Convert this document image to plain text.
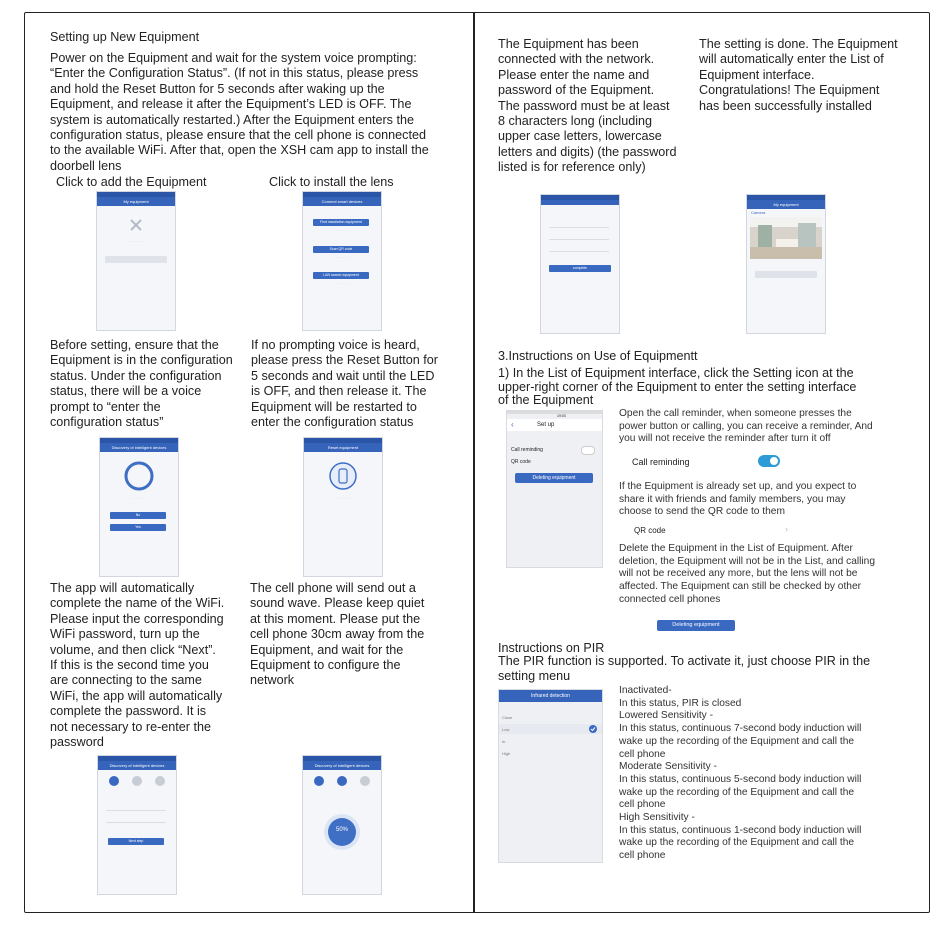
Setting up New Equipment

Power on the Equipment and wait for the system voice prompting:
“Enter the Configuration Status”. (If not in this status, please press
and hold the Reset Button for 5 seconds after waking up the
Equipment, and release it after the Equipment’s LED is OFF. The
system is automatically restarted.) After the Equipment enters the
configuration status, please ensure that the cell phone is connected
to the available WiFi. After that, open the XSH cam app to install the
doorbell lens

Click to add the Equipment	Click to install the lens
My equipment
· · · · · · · · · · · ·
Connect smart devices
Find installation equipment
· · · · · · · ·
Scan QR code
· · · · · · · ·
LAN search equipment
· · · · · · · ·

Before setting, ensure that the
Equipment is in the configuration
status. Under the configuration
status, there will be a voice
prompt to “enter the
configuration status”

If no prompting voice is heard,
please press the Reset Button for
5 seconds and wait until the LED
is OFF, and then release it. The
Equipment will be restarted to
enter the configuration status

Discovery of intelligent devices
· · · · · · · · · ·
No
Yes
Reset equipment
· · · · · · · · · · · ·

The app will automatically
complete the name of the WiFi.
Please input the corresponding
WiFi password, turn up the
volume, and then click “Next”.
If this is the second time you
are connecting to the same
WiFi, the app will automatically
complete the password. It is
not necessary to re-enter the
password

The cell phone will send out a
sound wave. Please keep quiet
at this moment. Please put the
cell phone 30cm away from the
Equipment, and wait for the
Equipment to configure the
network

Discovery of intelligent devices
Next step
Discovery of intelligent devices
50%

The Equipment has been
connected with the network.
Please enter the name and
password of the Equipment.
The password must be at least
8 characters long (including
upper case letters, lowercase
letters and digits) (the password
listed is for reference only)

The setting is done. The Equipment
will automatically enter the List of
Equipment interface.
Congratulations! The Equipment
has been successfully installed

complete
My equipment
Camera
3.Instructions on Use of Equipmentt

1) In the List of Equipment interface, click the Setting icon at the
upper-right corner of the Equipment to enter the setting interface
of the Equipment

19:03
‹	Set up
Call reminding
QR code
Deleting equipment

Open the call reminder, when someone presses the
power button or calling, you can receive a reminder, And
you will not receive the reminder after turn it off

Call reminding

If the Equipment is already set up, and you expect to
share it with friends and family members, you may
choose to send the QR code to them

QR code	›

Delete the Equipment in the List of Equipment. After
deletion, the Equipment will not be in the List, and calling
will not be received any more, but the lens will not be
affected. The Equipment can still be checked by other
connected cell phones

Deleting equipment
Instructions on PIR

The PIR function is supported. To activate it, just choose PIR in the
setting menu

Infrared detection
Close
Low
In
High

Inactivated-
In this status, PIR is closed
Lowered Sensitivity -
In this status, continuous 7-second body induction will
wake up the recording of the Equipment and call the
cell phone
Moderate Sensitivity -
In this status, continuous 5-second body induction will
wake up the recording of the Equipment and call the
cell phone
High Sensitivity -
In this status, continuous 1-second body induction will
wake up the recording of the Equipment and call the
cell phone
